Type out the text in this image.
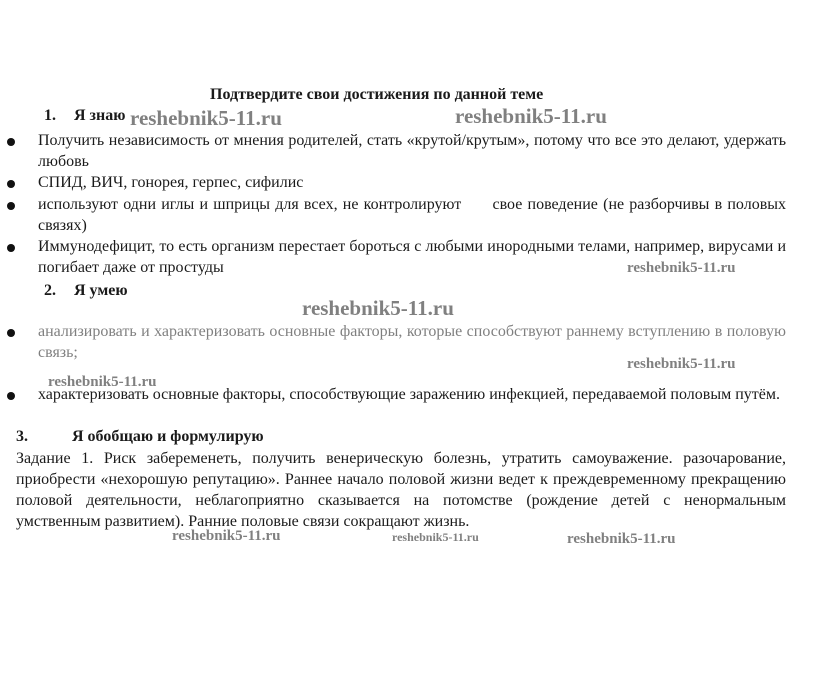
Подтвердите свои достижения по данной теме
1. Я знаю
Получить независимость от мнения родителей, стать «крутой/крутым», потому что все это делают, удержать любовь
СПИД, ВИЧ, гонорея, герпес, сифилис
используют одни иглы и шприцы для всех, не контролируют      свое поведение (не разборчивы в половых связях)
Иммунодефицит, то есть организм перестает бороться с любыми инородными телами, например, вирусами и погибает даже от простуды
2. Я умею
анализировать и характеризовать основные факторы, которые способствуют раннему вступлению в половую связь;
характеризовать основные факторы, способствующие заражению инфекцией, передаваемой половым путём.
3.	Я обобщаю и формулирую
Задание 1. Риск забеременеть, получить венерическую болезнь, утратить самоуважение. разочарование, приобрести «нехорошую репутацию». Раннее начало половой жизни ведет к преждевременному прекращению половой деятельности, неблагоприятно сказывается на потомстве (рождение детей с ненормальным умственным развитием). Ранние половые связи сокращают жизнь.
reshebnik5-11.ru	reshebnik5-11.ru
reshebnik5-11.ru
reshebnik5-11.ru
reshebnik5-11.ru
reshebnik5-11.ru
reshebnik5-11.ru	reshebnik5-11.ru	reshebnik5-11.ru
